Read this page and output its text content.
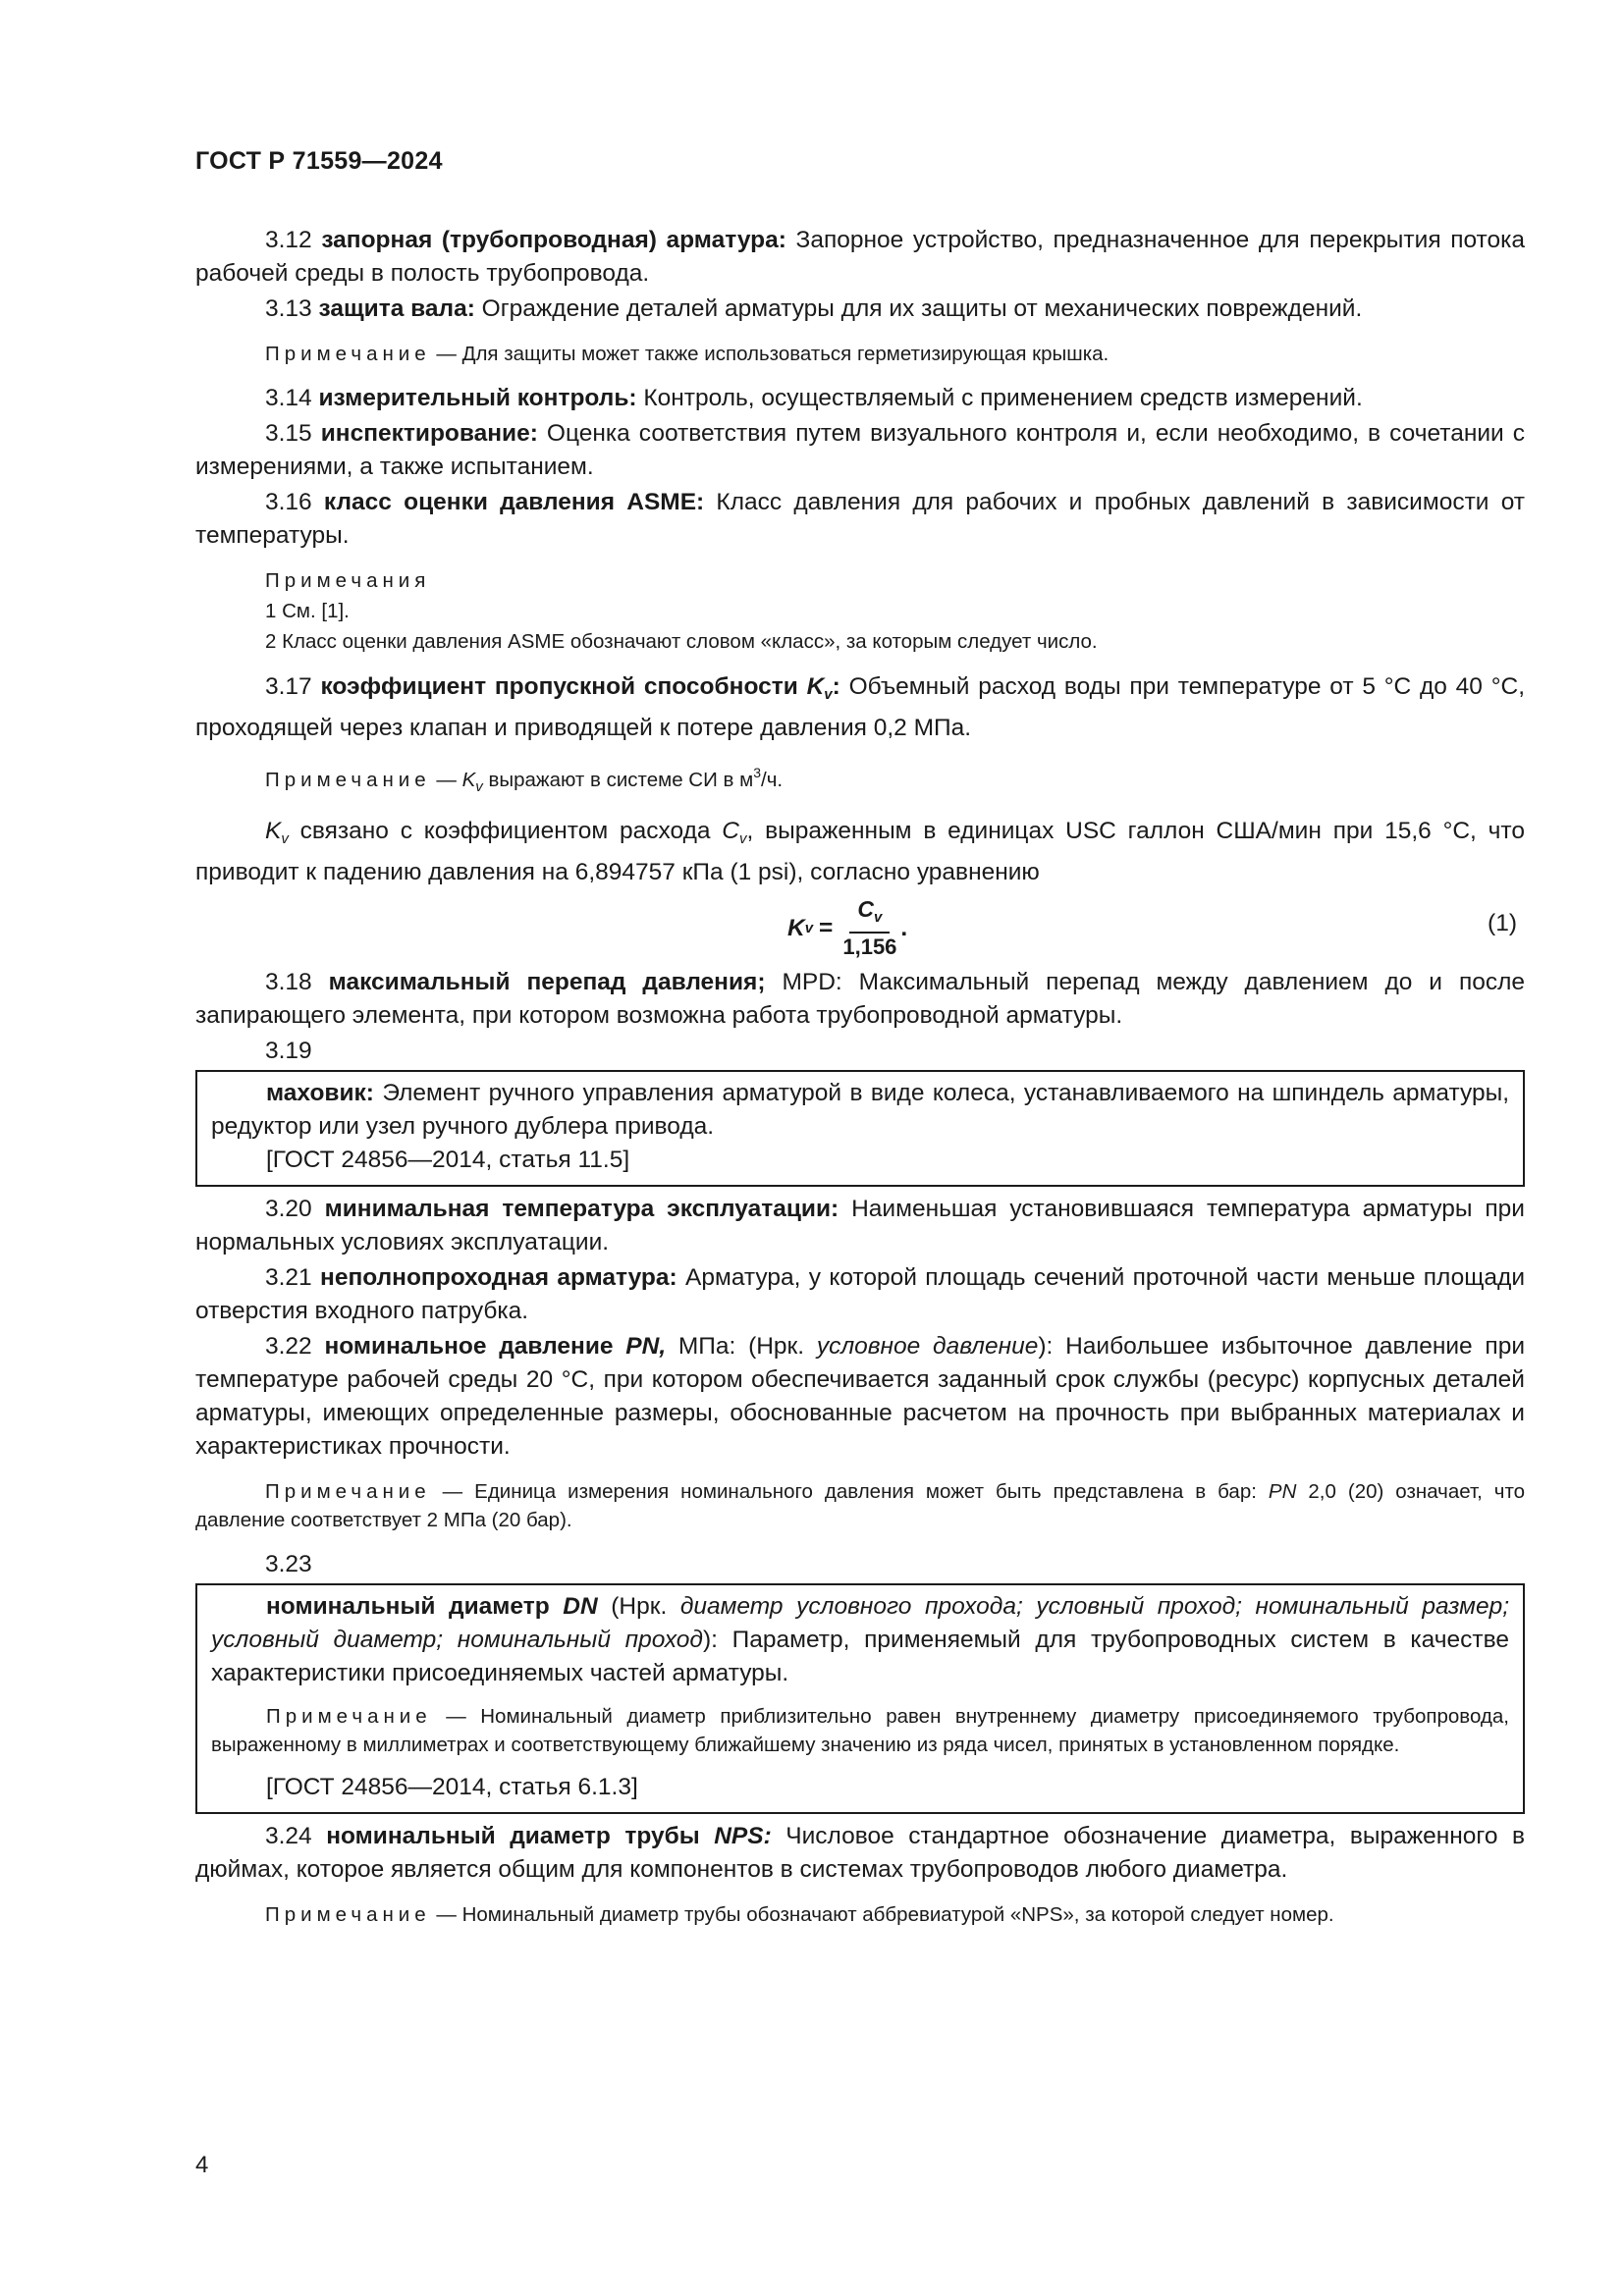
ГОСТ Р 71559—2024

3.12 запорная (трубопроводная) арматура: Запорное устройство, предназначенное для перекрытия потока рабочей среды в полость трубопровода.

3.13 защита вала: Ограждение деталей арматуры для их защиты от механических повреждений.

Примечание — Для защиты может также использоваться герметизирующая крышка.

3.14 измерительный контроль: Контроль, осуществляемый с применением средств измерений.

3.15 инспектирование: Оценка соответствия путем визуального контроля и, если необходимо, в сочетании с измерениями, а также испытанием.

3.16 класс оценки давления ASME: Класс давления для рабочих и пробных давлений в зависимости от температуры.

Примечания
1 См. [1].
2 Класс оценки давления ASME обозначают словом «класс», за которым следует число.

3.17 коэффициент пропускной способности $K_v$: Объемный расход воды при температуре от 5 °C до 40 °C, проходящей через клапан и приводящей к потере давления 0,2 МПа.

Примечание — $K_v$ выражают в системе СИ в $м^3/ч$.

$K_v$ связано с коэффициентом расхода $C_v$, выраженным в единицах USC галлон США/мин при 15,6 °C, что приводит к падению давления на 6,894757 кПа (1 psi), согласно уравнению

K $v = \frac{C_v}{1,156}$ .	(1)

3.18 максимальный перепад давления; MPD: Максимальный перепад между давлением до и после запирающего элемента, при котором возможна работа трубопроводной арматуры.

3.19

маховик: Элемент ручного управления арматурой в виде колеса, устанавливаемого на шпиндель арматуры, редуктор или узел ручного дублера привода.

[ГОСТ 24856—2014, статья 11.5]

3.20 минимальная температура эксплуатации: Наименьшая установившаяся температура арматуры при нормальных условиях эксплуатации.

3.21 неполнопроходная арматура: Арматура, у которой площадь сечений проточной части меньше площади отверстия входного патрубка.

3.22 номинальное давление PN, МПа: (Нрк. условное давление): Наибольшее избыточное давление при температуре рабочей среды 20 °C, при котором обеспечивается заданный срок службы (ресурс) корпусных деталей арматуры, имеющих определенные размеры, обоснованные расчетом на прочность при выбранных материалах и характеристиках прочности.

Примечание — Единица измерения номинального давления может быть представлена в бар: PN 2,0 (20) означает, что давление соответствует 2 МПа (20 бар).

3.23

номинальный диаметр DN (Нрк. диаметр условного прохода; условный проход; номинальный размер; условный диаметр; номинальный проход): Параметр, применяемый для трубопроводных систем в качестве характеристики присоединяемых частей арматуры.

Примечание — Номинальный диаметр приблизительно равен внутреннему диаметру присоединяемого трубопровода, выраженному в миллиметрах и соответствующему ближайшему значению из ряда чисел, принятых в установленном порядке.

[ГОСТ 24856—2014, статья 6.1.3]

3.24 номинальный диаметр трубы NPS: Числовое стандартное обозначение диаметра, выраженного в дюймах, которое является общим для компонентов в системах трубопроводов любого диаметра.

Примечание — Номинальный диаметр трубы обозначают аббревиатурой «NPS», за которой следует номер.

4
